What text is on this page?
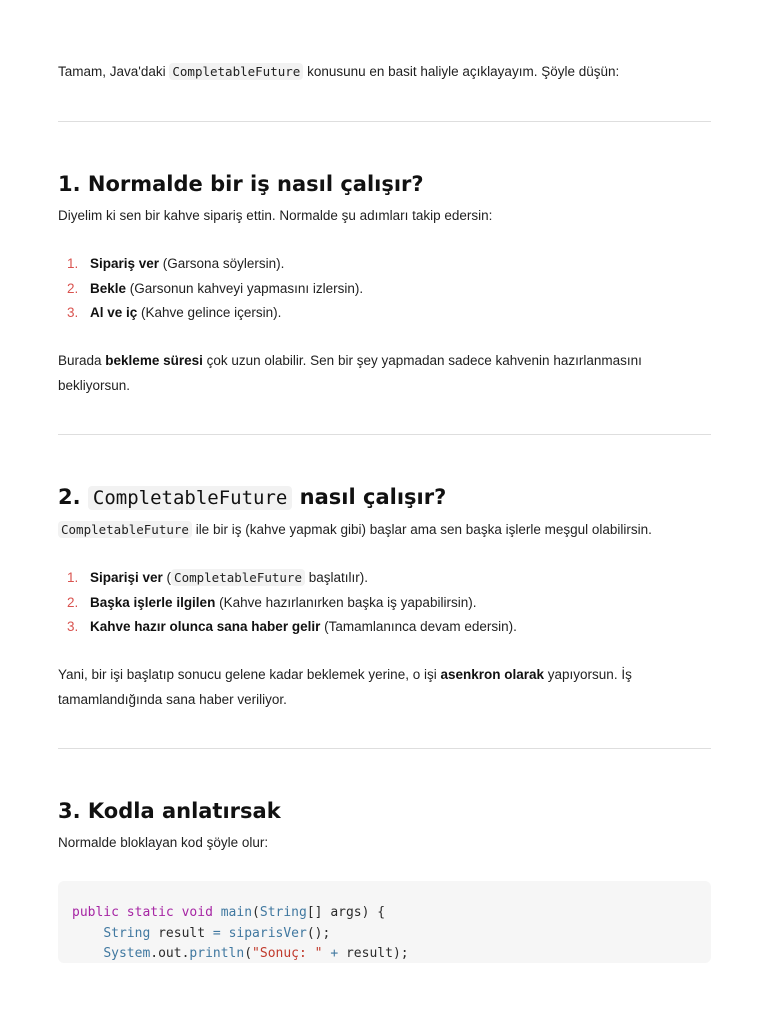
Tamam, Java'daki CompletableFuture konusunu en basit haliyle açıklayayım. Şöyle düşün:

1. Normalde bir iş nasıl çalışır?

Diyelim ki sen bir kahve sipariş ettin. Normalde şu adımları takip edersin:

1. Sipariş ver (Garsona söylersin).
2. Bekle (Garsonun kahveyi yapmasını izlersin).
3. Al ve iç (Kahve gelince içersin).

Burada bekleme süresi çok uzun olabilir. Sen bir şey yapmadan sadece kahvenin hazırlanmasını bekliyorsun.

2. CompletableFuture nasıl çalışır?

CompletableFuture ile bir iş (kahve yapmak gibi) başlar ama sen başka işlerle meşgul olabilirsin.

1. Siparişi ver ( CompletableFuture başlatılır).
2. Başka işlerle ilgilen (Kahve hazırlanırken başka iş yapabilirsin).
3. Kahve hazır olunca sana haber gelir (Tamamlanınca devam edersin).

Yani, bir işi başlatıp sonucu gelene kadar beklemek yerine, o işi asenkron olarak yapıyorsun. İş tamamlandığında sana haber veriliyor.

3. Kodla anlatırsak

Normalde bloklayan kod şöyle olur:

public static void main(String[] args) {
String result = siparisVer();
System.out.println("Sonuç: " + result);
